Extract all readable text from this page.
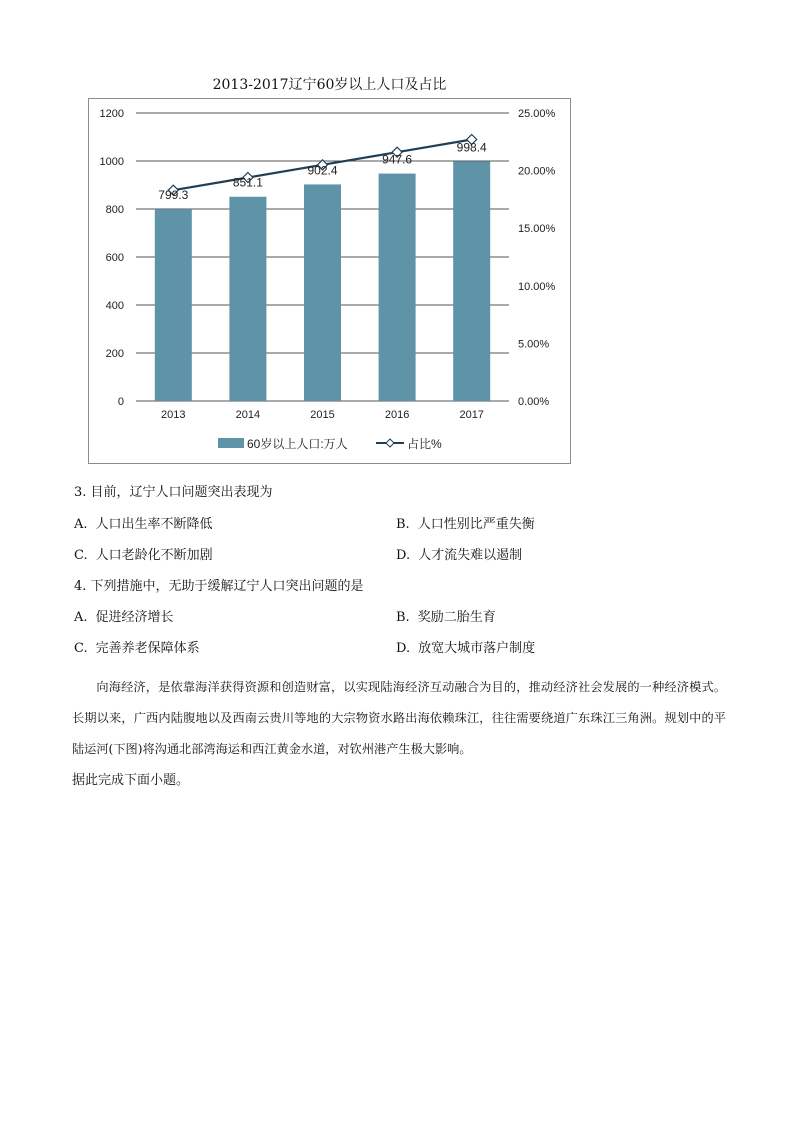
2013-2017辽宁60岁以上人口及占比
0
200
400
600
800
1000
1200
0.00%
5.00%
10.00%
15.00%
20.00%
25.00%
2013	2014	2015	2016	2017
799.3
851.1
902.4
947.6
998.4
60岁以上人口:万人	占比%
3. 目前，辽宁人口问题突出表现为
A. 人口出生率不断降低	B. 人口性别比严重失衡
C. 人口老龄化不断加剧	D. 人才流失难以遏制
4. 下列措施中，无助于缓解辽宁人口突出问题的是
A. 促进经济增长	B. 奖励二胎生育
C. 完善养老保障体系	D. 放宽大城市落户制度

向海经济，是依靠海洋获得资源和创造财富，以实现陆海经济互动融合为目的，推动经济社会发展的一种经济模式。长期以来，广西内陆腹地以及西南云贵川等地的大宗物资水路出海依赖珠江，往往需要绕道广东珠江三角洲。规划中的平陆运河(下图)将沟通北部湾海运和西江黄金水道，对钦州港产生极大影响。

据此完成下面小题。
